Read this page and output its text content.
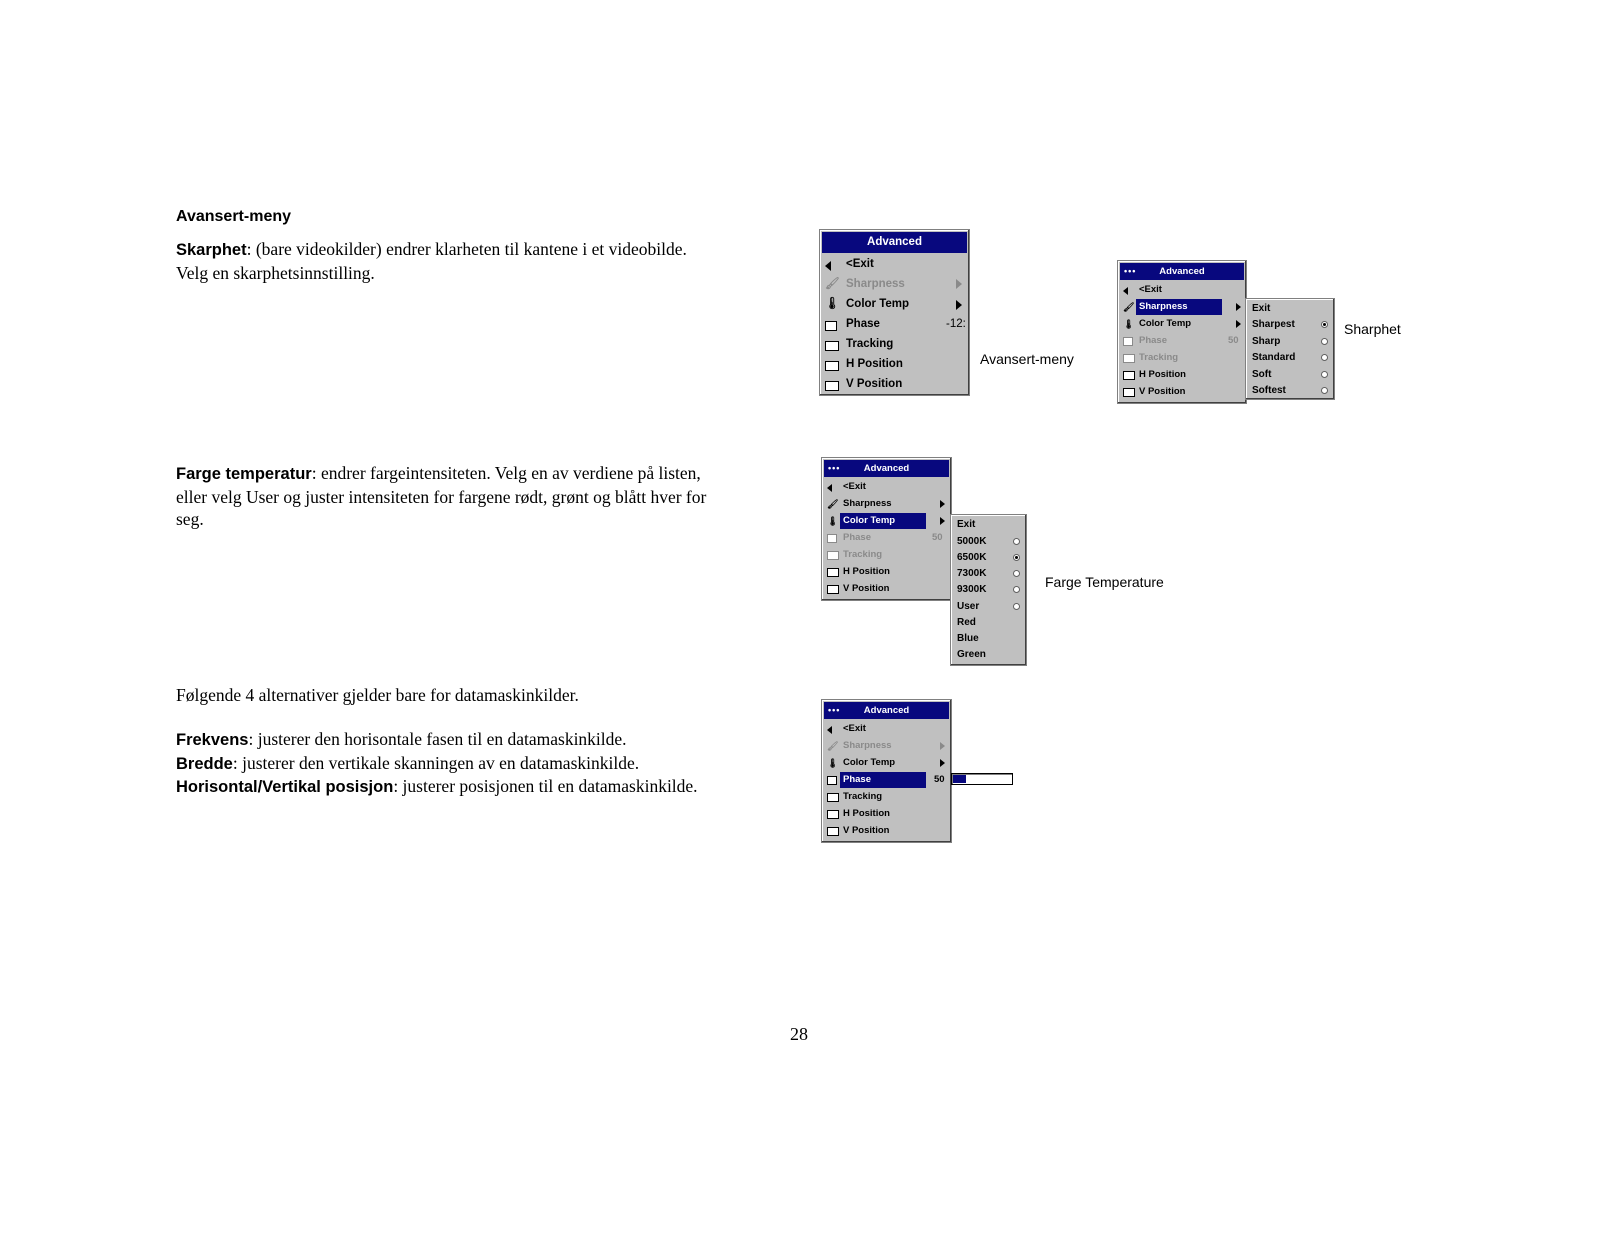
Avansert-meny
Skarphet: (bare videokilder) endrer klarheten til kantene i et videobilde.
Velg en skarphetsinnstilling.
Farge temperatur: endrer fargeintensiteten. Velg en av verdiene på listen,
eller velg User og juster intensiteten for fargene rødt, grønt og blått hver for
seg.
Følgende 4 alternativer gjelder bare for datamaskinkilder.
Frekvens: justerer den horisontale fasen til en datamaskinkilde.
Bredde: justerer den vertikale skanningen av en datamaskinkilde.
Horisontal/Vertikal posisjon: justerer posisjonen til en datamaskinkilde.
Advanced
<Exit
🖌︎ Sharpness
🌡︎ Color Temp
Phase	-12:
Tracking
H Position
V Position
Avansert-meny
••• Advanced
<Exit
🖌︎ Sharpness
🌡︎ Color Temp
Phase	50
Tracking
H Position
V Position
Exit
Sharpest
Sharp
Standard
Soft
Softest
Sharphet
••• Advanced
<Exit
🖌︎ Sharpness
🌡︎ Color Temp
Phase	50
Tracking
H Position
V Position
Exit
5000K
6500K
7300K
9300K
User
Red
Blue
Green
Farge Temperature
••• Advanced
<Exit
🖌︎ Sharpness
🌡︎ Color Temp
Phase	50
Tracking
H Position
V Position
28
